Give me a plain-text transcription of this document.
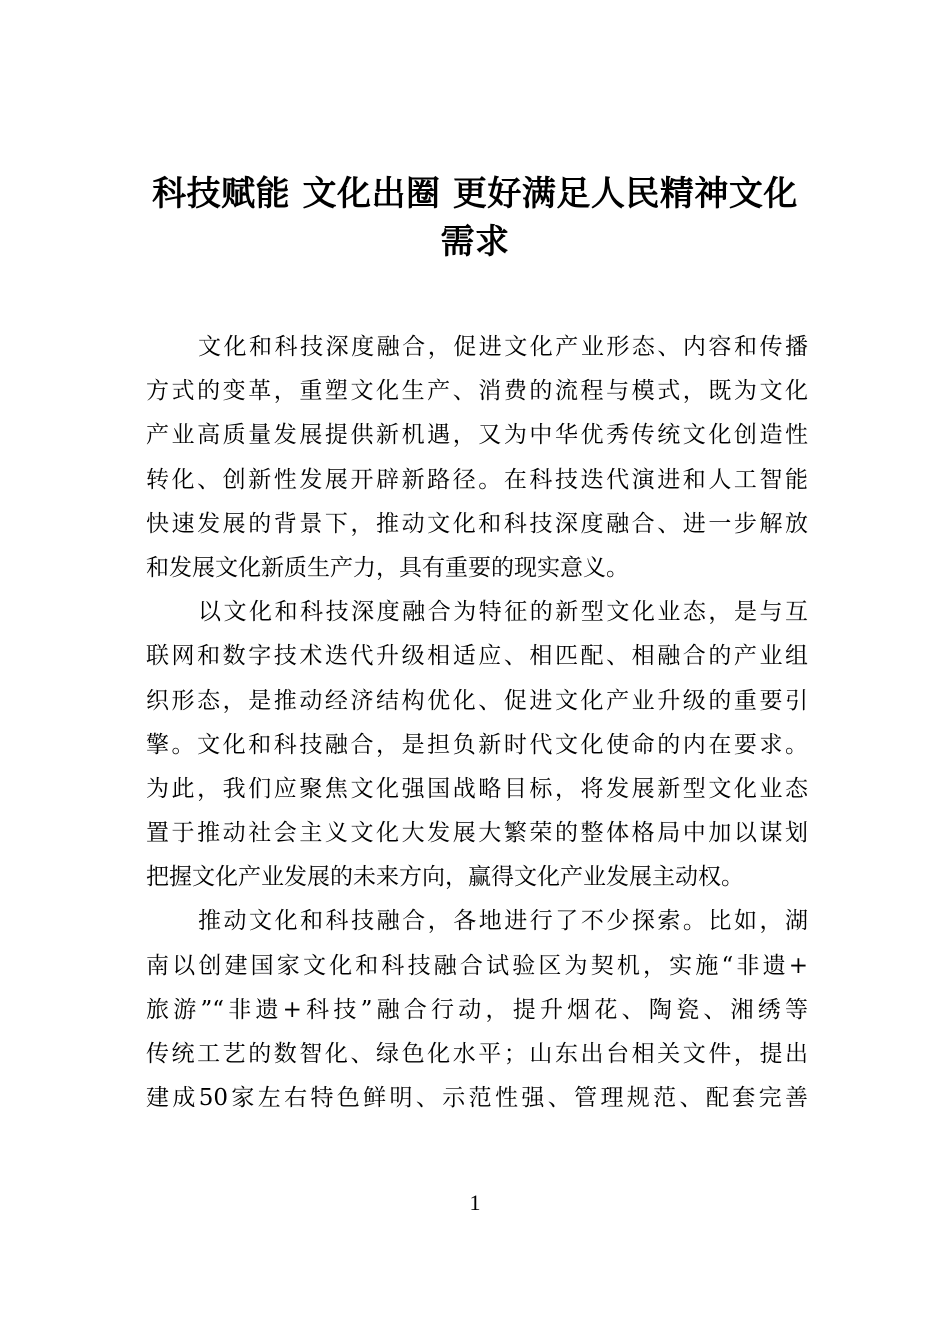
科技赋能 文化出圈 更好满足人民精神文化
需求

文化和科技深度融合，促进文化产业形态、内容和传播
方式的变革，重塑文化生产、消费的流程与模式，既为文化
产业高质量发展提供新机遇，又为中华优秀传统文化创造性
转化、创新性发展开辟新路径。在科技迭代演进和人工智能
快速发展的背景下，推动文化和科技深度融合、进一步解放
和发展文化新质生产力，具有重要的现实意义。

以文化和科技深度融合为特征的新型文化业态，是与互
联网和数字技术迭代升级相适应、相匹配、相融合的产业组
织形态，是推动经济结构优化、促进文化产业升级的重要引
擎。文化和科技融合，是担负新时代文化使命的内在要求。
为此，我们应聚焦文化强国战略目标，将发展新型文化业态
置于推动社会主义文化大发展大繁荣的整体格局中加以谋划
把握文化产业发展的未来方向，赢得文化产业发展主动权。

推动文化和科技融合，各地进行了不少探索。比如，湖
南以创建国家文化和科技融合试验区为契机，实施“非遗+
旅游”“非遗+科技”融合行动，提升烟花、陶瓷、湘绣等
传统工艺的数智化、绿色化水平；山东出台相关文件，提出
建成50家左右特色鲜明、示范性强、管理规范、配套完善

1
